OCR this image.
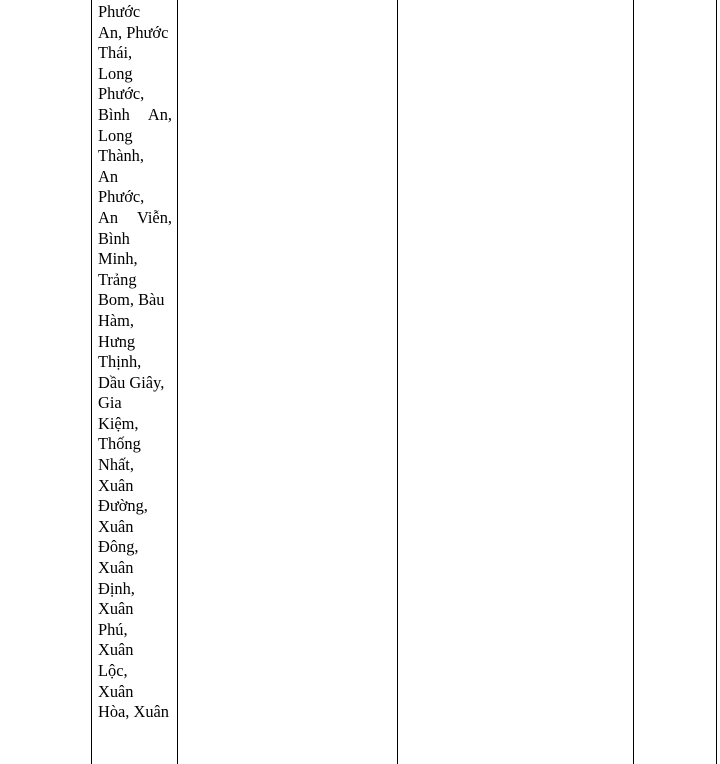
Phước
An, Phước
Thái,
Long
Phước,
Bình An,
Long
Thành,
An
Phước,
An Viễn,
Bình
Minh,
Trảng
Bom, Bàu
Hàm,
Hưng
Thịnh,
Dầu Giây,
Gia
Kiệm,
Thống
Nhất,
Xuân
Đường,
Xuân
Đông,
Xuân
Định,
Xuân
Phú,
Xuân
Lộc,
Xuân
Hòa, Xuân
